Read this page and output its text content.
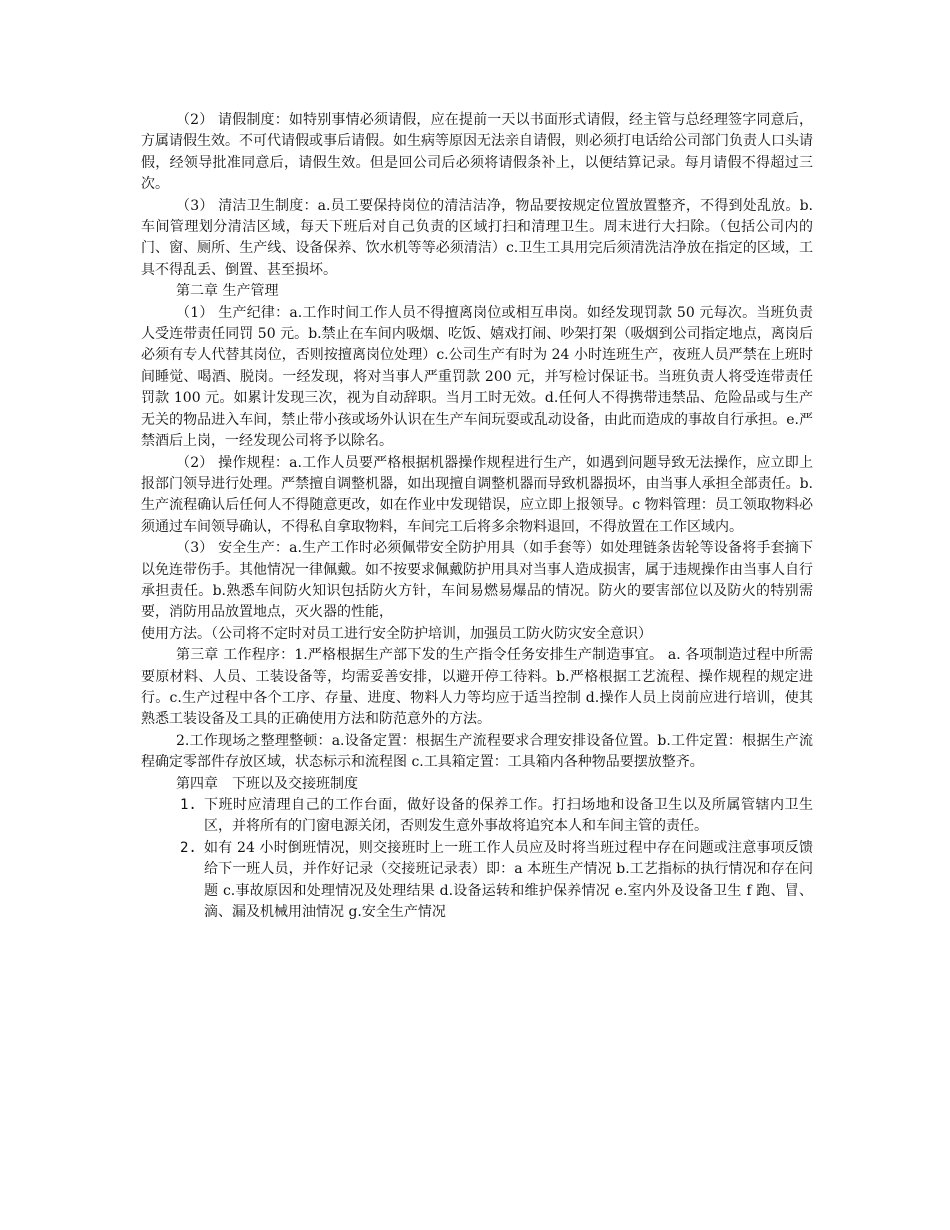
（2） 请假制度：如特别事情必须请假，应在提前一天以书面形式请假，经主管与总经理签字同意后，方属请假生效。不可代请假或事后请假。如生病等原因无法亲自请假，则必须打电话给公司部门负责人口头请假，经领导批准同意后，请假生效。但是回公司后必须将请假条补上，以便结算记录。每月请假不得超过三次。

（3） 清洁卫生制度：a.员工要保持岗位的清洁洁净，物品要按规定位置放置整齐，不得到处乱放。b.车间管理划分清洁区域，每天下班后对自己负责的区域打扫和清理卫生。周末进行大扫除。（包括公司内的门、窗、厕所、生产线、设备保养、饮水机等等必须清洁）c.卫生工具用完后须清洗洁净放在指定的区域，工具不得乱丢、倒置、甚至损坏。

第二章 生产管理

（1） 生产纪律：a.工作时间工作人员不得擅离岗位或相互串岗。如经发现罚款 50 元每次。当班负责人受连带责任同罚 50 元。b.禁止在车间内吸烟、吃饭、嬉戏打闹、吵架打架（吸烟到公司指定地点，离岗后必须有专人代替其岗位，否则按擅离岗位处理）c.公司生产有时为 24 小时连班生产，夜班人员严禁在上班时间睡觉、喝酒、脱岗。一经发现，将对当事人严重罚款 200 元，并写检讨保证书。当班负责人将受连带责任罚款 100 元。如累计发现三次，视为自动辞职。当月工时无效。d.任何人不得携带违禁品、危险品或与生产无关的物品进入车间，禁止带小孩或场外认识在生产车间玩耍或乱动设备，由此而造成的事故自行承担。e.严禁酒后上岗，一经发现公司将予以除名。

（2） 操作规程：a.工作人员要严格根据机器操作规程进行生产，如遇到问题导致无法操作，应立即上报部门领导进行处理。严禁擅自调整机器，如出现擅自调整机器而导致机器损坏，由当事人承担全部责任。b.生产流程确认后任何人不得随意更改，如在作业中发现错误，应立即上报领导。c 物料管理：员工领取物料必须通过车间领导确认，不得私自拿取物料，车间完工后将多余物料退回，不得放置在工作区域内。

（3） 安全生产：a.生产工作时必须佩带安全防护用具（如手套等）如处理链条齿轮等设备将手套摘下以免连带伤手。其他情况一律佩戴。如不按要求佩戴防护用具对当事人造成损害，属于违规操作由当事人自行承担责任。b.熟悉车间防火知识包括防火方针，车间易燃易爆品的情况。防火的要害部位以及防火的特别需要，消防用品放置地点，灭火器的性能，

使用方法。（公司将不定时对员工进行安全防护培训，加强员工防火防灾安全意识）

第三章 工作程序：1.严格根据生产部下发的生产指令任务安排生产制造事宜。 a. 各项制造过程中所需要原材料、人员、工装设备等，均需妥善安排，以避开停工待料。b.严格根据工艺流程、操作规程的规定进行。c.生产过程中各个工序、存量、进度、物料人力等均应于适当控制 d.操作人员上岗前应进行培训，使其熟悉工装设备及工具的正确使用方法和防范意外的方法。

2.工作现场之整理整顿：a.设备定置：根据生产流程要求合理安排设备位置。b.工件定置：根据生产流程确定零部件存放区域，状态标示和流程图 c.工具箱定置：工具箱内各种物品要摆放整齐。

第四章　下班以及交接班制度

1. 下班时应清理自己的工作台面，做好设备的保养工作。打扫场地和设备卫生以及所属管辖内卫生区，并将所有的门窗电源关闭，否则发生意外事故将追究本人和车间主管的责任。
2. 如有 24 小时倒班情况，则交接班时上一班工作人员应及时将当班过程中存在问题或注意事项反馈给下一班人员，并作好记录（交接班记录表）即：a 本班生产情况 b.工艺指标的执行情况和存在问题 c.事故原因和处理情况及处理结果 d.设备运转和维护保养情况 e.室内外及设备卫生 f 跑、冒、滴、漏及机械用油情况 g.安全生产情况
